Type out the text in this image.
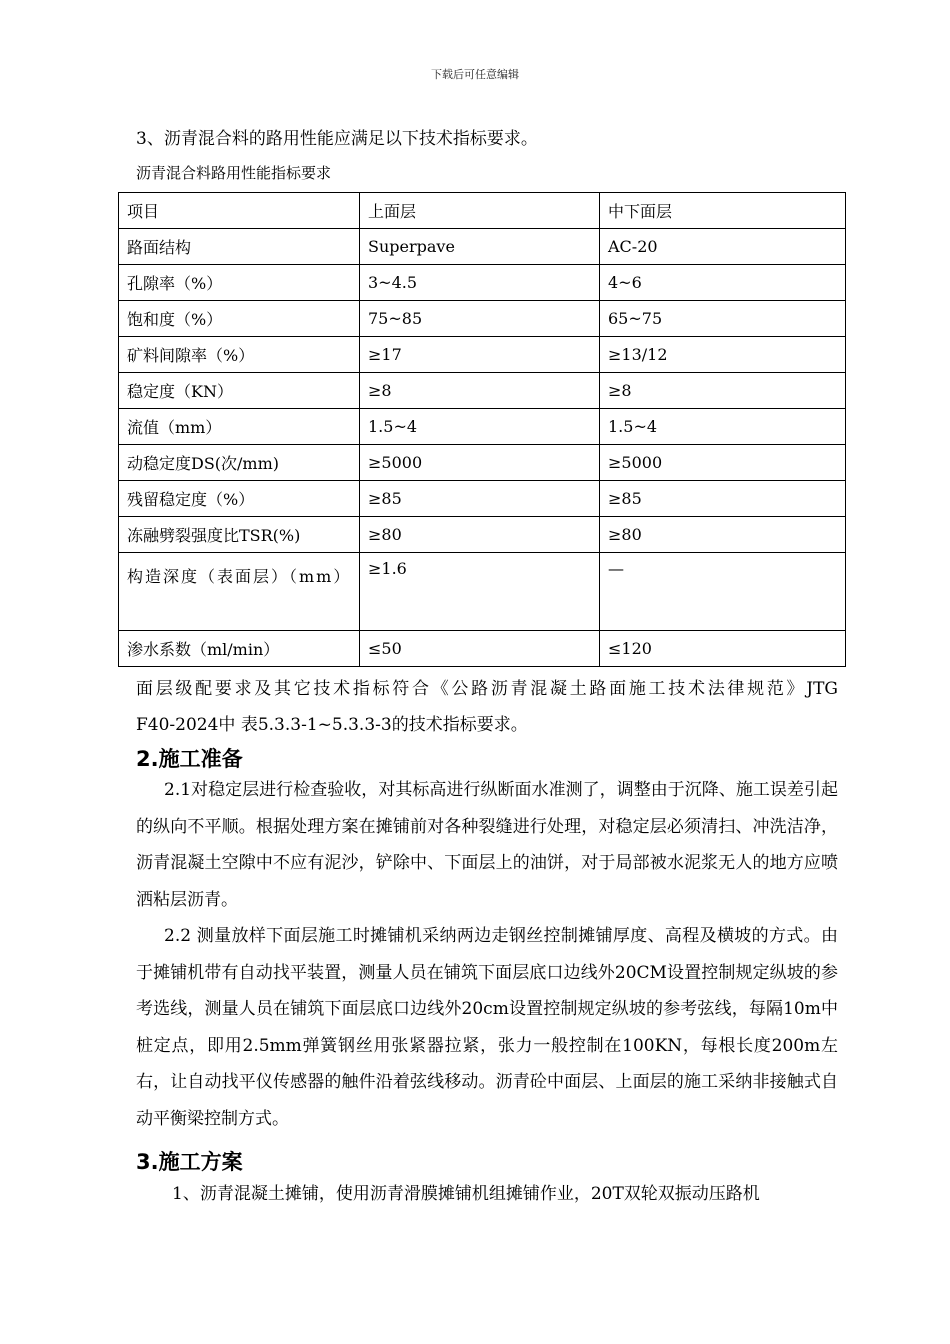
下载后可任意编辑
3、沥青混合料的路用性能应满足以下技术指标要求。
沥青混合料路用性能指标要求
项目	上面层	中下面层
路面结构	Superpave	AC-20
孔隙率（%）	3~4.5	4~6
饱和度（%）	75~85	65~75
矿料间隙率（%）	≥17	≥13/12
稳定度（KN）	≥8	≥8
流值（mm）	1.5~4	1.5~4
动稳定度DS(次/mm)	≥5000	≥5000
残留稳定度（%）	≥85	≥85
冻融劈裂强度比TSR(%)	≥80	≥80
构造深度（表面层）（mm）	≥1.6	—
渗水系数（ml/min）	≤50	≤120
面层级配要求及其它技术指标符合《公路沥青混凝土路面施工技术法律规范》JTG
F40-2024中 表5.3.3-1~5.3.3-3的技术指标要求。
2.施工准备
2.1对稳定层进行检查验收，对其标高进行纵断面水准测了，调整由于沉降、施工误差引起的纵向不平顺。根据处理方案在摊铺前对各种裂缝进行处理，对稳定层必须清扫、冲洗洁净，沥青混凝土空隙中不应有泥沙，铲除中、下面层上的油饼，对于局部被水泥浆无人的地方应喷洒粘层沥青。
2.2 测量放样下面层施工时摊铺机采纳两边走钢丝控制摊铺厚度、高程及横坡的方式。由于摊铺机带有自动找平装置，测量人员在铺筑下面层底口边线外20CM设置控制规定纵坡的参考选线，测量人员在铺筑下面层底口边线外20cm设置控制规定纵坡的参考弦线，每隔10m中桩定点，即用2.5mm弹簧钢丝用张紧器拉紧，张力一般控制在100KN，每根长度200m左右，让自动找平仪传感器的触件沿着弦线移动。沥青砼中面层、上面层的施工采纳非接触式自动平衡梁控制方式。
3.施工方案
1、沥青混凝土摊铺，使用沥青滑膜摊铺机组摊铺作业，20T双轮双振动压路机
